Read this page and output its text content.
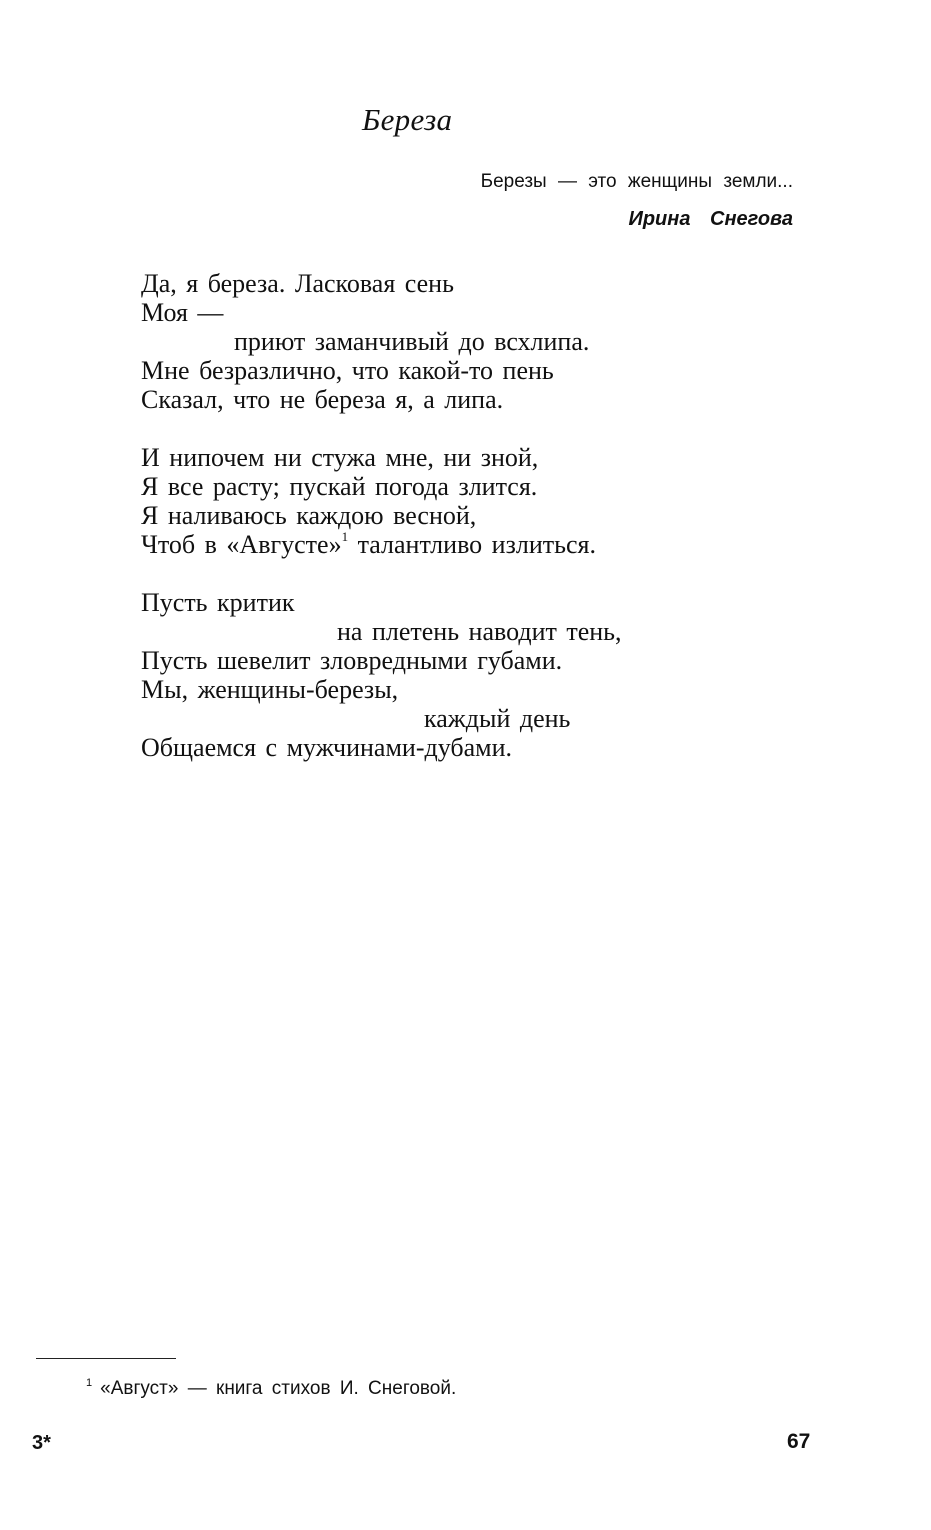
Береза
Березы — это женщины земли...
Ирина Снегова
Да, я береза. Ласковая сень
Моя —
приют заманчивый до всхлипа.
Мне безразлично, что какой-то пень
Сказал, что не береза я, а липа.
И нипочем ни стужа мне, ни зной,
Я все расту; пускай погода злится.
Я наливаюсь каждою весной,
Чтоб в «Августе»$^1$ талантливо излиться.
Пусть критик
на плетень наводит тень,
Пусть шевелит зловредными губами.
Мы, женщины-березы,
каждый день
Общаемся с мужчинами-дубами.
$^1$ «Август» — книга стихов И. Снеговой.
3*	67
